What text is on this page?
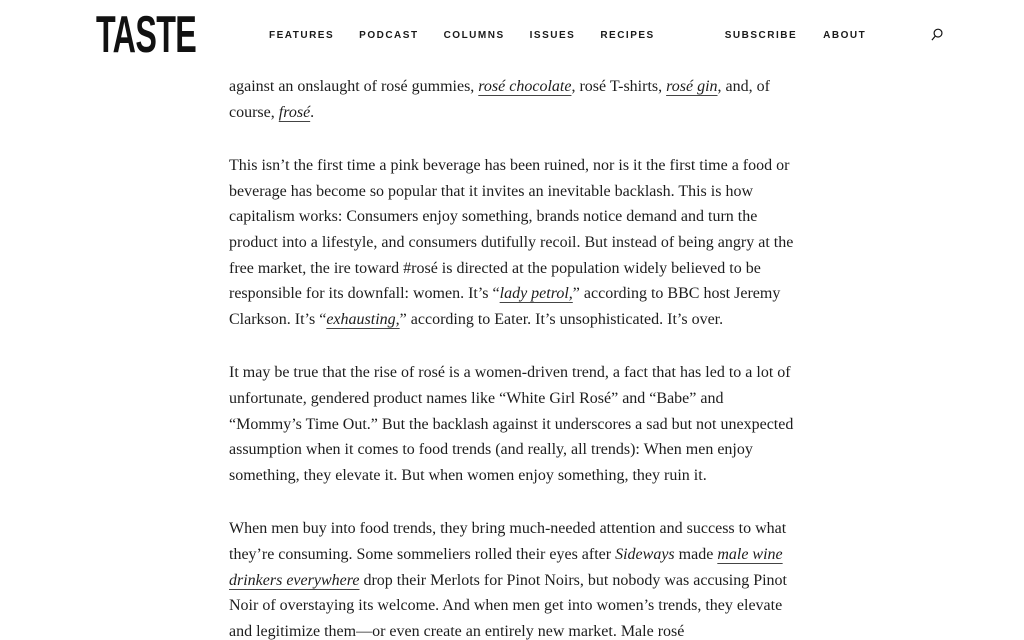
TASTE	FEATURES	PODCAST	COLUMNS	ISSUES	RECIPES	SUBSCRIBE	ABOUT

against an onslaught of rosé gummies, rosé chocolate, rosé T-shirts, rosé gin, and, of course, frosé.

This isn’t the first time a pink beverage has been ruined, nor is it the first time a food or beverage has become so popular that it invites an inevitable backlash. This is how capitalism works: Consumers enjoy something, brands notice demand and turn the product into a lifestyle, and consumers dutifully recoil. But instead of being angry at the free market, the ire toward #rosé is directed at the population widely believed to be responsible for its downfall: women. It’s “lady petrol,” according to BBC host Jeremy Clarkson. It’s “exhausting,” according to Eater. It’s unsophisticated. It’s over.

It may be true that the rise of rosé is a women-driven trend, a fact that has led to a lot of unfortunate, gendered product names like “White Girl Rosé” and “Babe” and “Mommy’s Time Out.” But the backlash against it underscores a sad but not unexpected assumption when it comes to food trends (and really, all trends): When men enjoy something, they elevate it. But when women enjoy something, they ruin it.

When men buy into food trends, they bring much-needed attention and success to what they’re consuming. Some sommeliers rolled their eyes after Sideways made male wine drinkers everywhere drop their Merlots for Pinot Noirs, but nobody was accusing Pinot Noir of overstaying its welcome. And when men get into women’s trends, they elevate and legitimize them—or even create an entirely new market. Male rosé
